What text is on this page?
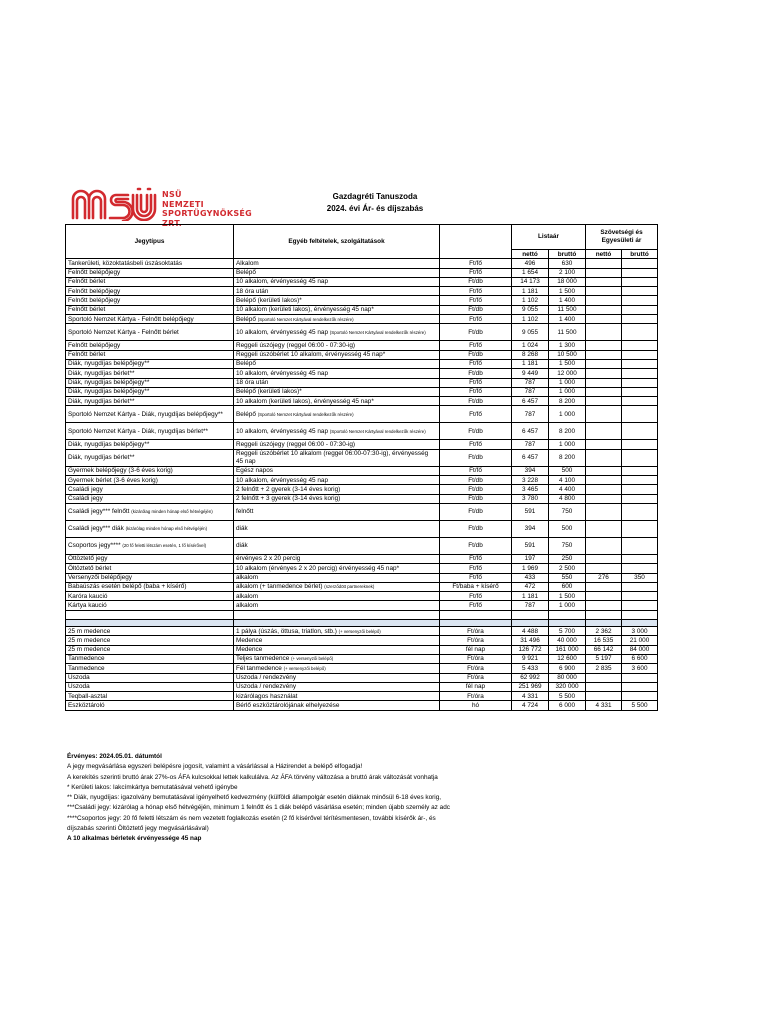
NSÜ
NEMZETI
SPORTÜGYNÖKSÉG ZRT.
Gazdagréti Tanuszoda
2024. évi Ár- és díjszabás
Jegytípus	Egyéb feltételek, szolgáltatások		Listaár		Szövetségi és Egyesületi ár	
			nettó	bruttó	nettó	bruttó
Tankerületi, közoktatásbeli úszásoktatás	Alkalom	Ft/fő	496	630		
Felnőtt belépőjegy	Belépő	Ft/fő	1 654	2 100		
Felnőtt bérlet	10 alkalom, érvényesség 45 nap	Ft/db	14 173	18 000		
Felnőtt belépőjegy	18 óra után	Ft/fő	1 181	1 500		
Felnőtt belépőjegy	Belépő (kerületi lakos)*	Ft/fő	1 102	1 400		
Felnőtt bérlet	10 alkalom (kerületi lakos), érvényesség 45 nap*	Ft/db	9 055	11 500		
Sportoló Nemzet Kártya - Felnőtt belépőjegy	Belépő (Sportoló Nemzet Kártyával rendelkezők részére)	Ft/fő	1 102	1 400		
Sportoló Nemzet Kártya - Felnőtt bérlet	10 alkalom, érvényesség 45 nap (Sportoló Nemzet Kártyával rendelkezők részére)	Ft/db	9 055	11 500		
Felnőtt belépőjegy	Reggeli úszójegy (reggel 06:00 - 07:30-ig)	Ft/fő	1 024	1 300		
Felnőtt bérlet	Reggeli úszóbérlet 10 alkalom, érvényesség 45 nap*	Ft/db	8 268	10 500		
Diák, nyugdíjas belépőjegy**	Belépő	Ft/fő	1 181	1 500		
Diák, nyugdíjas bérlet**	10 alkalom, érvényesség 45 nap	Ft/db	9 449	12 000		
Diák, nyugdíjas belépőjegy**	18 óra után	Ft/fő	787	1 000		
Diák, nyugdíjas belépőjegy**	Belépő (kerületi lakos)*	Ft/fő	787	1 000		
Diák, nyugdíjas bérlet**	10 alkalom (kerületi lakos), érvényesség 45 nap*	Ft/db	6 457	8 200		
Sportoló Nemzet Kártya - Diák, nyugdíjas belépőjegy**	Belépő (Sportoló Nemzet Kártyával rendelkezők részére)	Ft/fő	787	1 000		
Sportoló Nemzet Kártya - Diák, nyugdíjas bérlet**	10 alkalom, érvényesség 45 nap (Sportoló Nemzet Kártyával rendelkezők részére)	Ft/db	6 457	8 200		
Diák, nyugdíjas belépőjegy**	Reggeli úszójegy (reggel 06:00 - 07:30-ig)	Ft/fő	787	1 000		
Diák, nyugdíjas bérlet**	Reggeli úszóbérlet 10 alkalom (reggel 06:00-07:30-ig), érvényesség 45 nap	Ft/db	6 457	8 200		
Gyermek belépőjegy (3-6 éves korig)	Egész napos	Ft/fő	394	500		
Gyermek bérlet (3-6 éves korig)	10 alkalom, érvényesség 45 nap	Ft/db	3 228	4 100		
Családi jegy	2 felnőtt + 2 gyerek (3-14 éves korig)	Ft/db	3 465	4 400		
Családi jegy	2 felnőtt + 3 gyerek (3-14 éves korig)	Ft/db	3 780	4 800		
Családi jegy*** felnőtt (kizárólag minden hónap első hétvégéjén)	felnőtt	Ft/db	591	750		
Családi jegy*** diák (kizárólag minden hónap első hétvégéjén)	diák	Ft/db	394	500		
Csoportos jegy**** (20 fő feletti létszám esetén, 1 fő kísérővel)	diák	Ft/db	591	750		
Ottöztető jegy	érvényes 2 x 20 percig	Ft/fő	197	250		
Öltöztető bérlet	10 alkalom (érvényes 2 x 20 percig) érvényesség 45 nap*	Ft/fő	1 969	2 500		
Versenyzői belépőjegy	alkalom	Ft/fő	433	550	276	350
Babaúszás esetén belépő (baba + kísérő)	alkalom (+ tanmedence bérlet) (szerződött partnereknek)	Ft/baba + kísérő	472	600		
Karóra kaució	alkalom	Ft/fő	1 181	1 500		
Kártya kaució	alkalom	Ft/fő	787	1 000		

25 m medence	1 pálya (úszás, öttusa, triatlon, stb.) (+ versenyzői belépő)	Ft/óra	4 488	5 700	2 362	3 000
25 m medence	Medence	Ft/óra	31 496	40 000	16 535	21 000
25 m medence	Medence	fél nap	126 772	161 000	66 142	84 000
Tanmedence	Teljes tanmedence (+ versenyzői belépő)	Ft/óra	9 921	12 600	5 197	6 600
Tanmedence	Fél tanmedence (+ versenyzői belépő)	Ft/óra	5 433	6 900	2 835	3 600
Uszoda	Uszoda / rendezvény	Ft/óra	62 992	80 000		
Uszoda	Uszoda / rendezvény	fél nap	251 969	320 000		
Teqball-asztal	kizárólagos használat	Ft/óra	4 331	5 500		
Eszköztároló	Bérlő eszköztárolójának elhelyezése	hó	4 724	6 000	4 331	5 500
Érvényes: 2024.05.01. dátumtól
A jegy megvásárlása egyszeri belépésre jogosít, valamint a vásárlással a Házirendet a belépő elfogadja!
A kerekítés szerinti bruttó árak 27%-os ÁFA kulcsokkal lettek kalkulálva. Az ÁFA törvény változása a bruttó árak változását vonhatja
* Kerületi lakos: lakcímkártya bemutatásával vehető igénybe
** Diák, nyugdíjas: igazolvány bemutatásával igényelhető kedvezmény (külföldi állampolgár esetén diáknak minősül 6-18 éves korig,
***Családi jegy: kizárólag a hónap első hétvégéjén, minimum 1 felnőtt és 1 diák belépő vásárlása esetén; minden újabb személy az adc
****Csoportos jegy: 20 fő feletti létszám és nem vezetett foglalkozás esetén (2 fő kísérővel térítésmentesen, további kísérők ár-, és
díjszabás szerinti Öltöztető jegy megvásárlásával)
A 10 alkalmas bérletek érvényessége 45 nap
